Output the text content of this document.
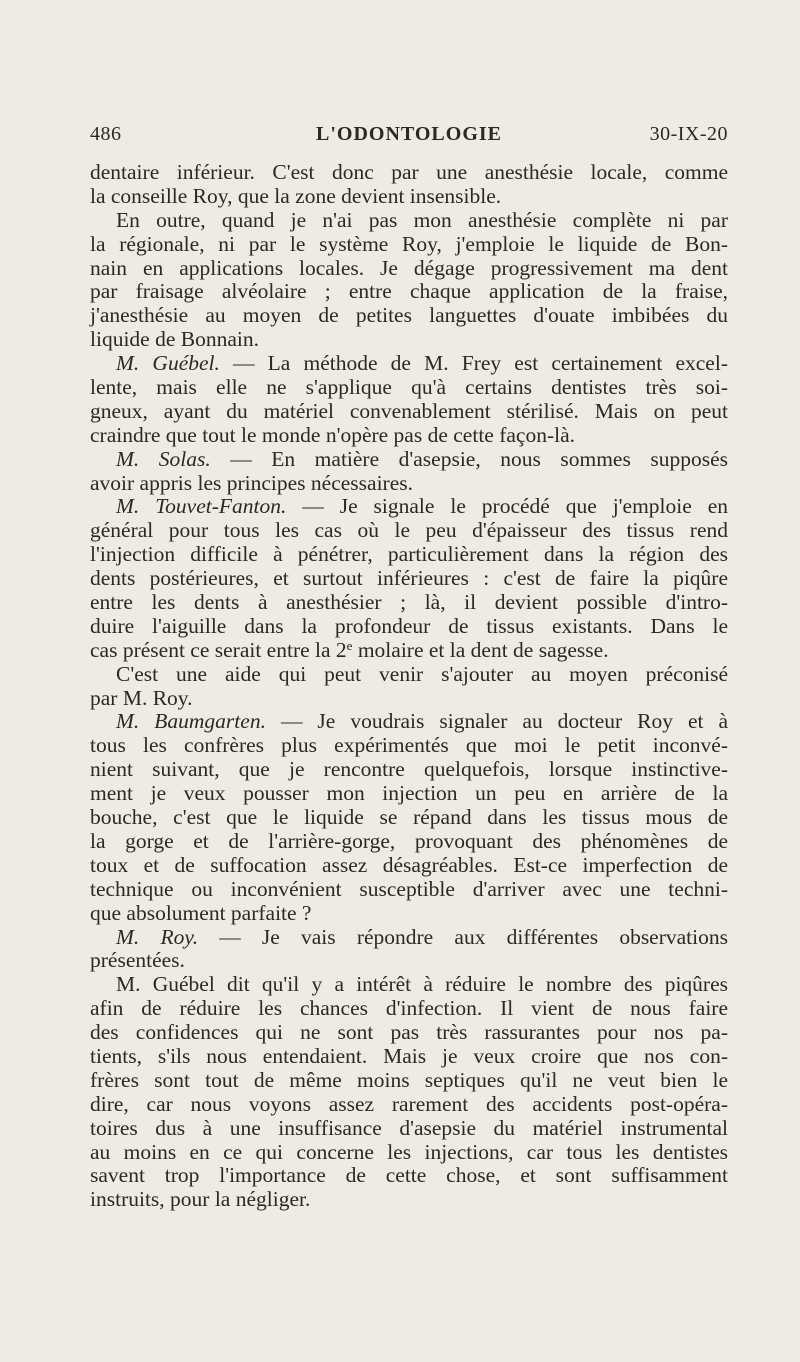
486	L'ODONTOLOGIE	30-IX-20
dentaire inférieur. C'est donc par une anesthésie locale, comme
la conseille Roy, que la zone devient insensible.
En outre, quand je n'ai pas mon anesthésie complète ni par
la régionale, ni par le système Roy, j'emploie le liquide de Bon-
nain en applications locales. Je dégage progressivement ma dent
par fraisage alvéolaire ; entre chaque application de la fraise,
j'anesthésie au moyen de petites languettes d'ouate imbibées du
liquide de Bonnain.
M. Guébel. — La méthode de M. Frey est certainement excel-
lente, mais elle ne s'applique qu'à certains dentistes très soi-
gneux, ayant du matériel convenablement stérilisé. Mais on peut
craindre que tout le monde n'opère pas de cette façon-là.
M. Solas. — En matière d'asepsie, nous sommes supposés
avoir appris les principes nécessaires.
M. Touvet-Fanton. — Je signale le procédé que j'emploie en
général pour tous les cas où le peu d'épaisseur des tissus rend
l'injection difficile à pénétrer, particulièrement dans la région des
dents postérieures, et surtout inférieures : c'est de faire la piqûre
entre les dents à anesthésier ; là, il devient possible d'intro-
duire l'aiguille dans la profondeur de tissus existants. Dans le
cas présent ce serait entre la 2e molaire et la dent de sagesse.
C'est une aide qui peut venir s'ajouter au moyen préconisé
par M. Roy.
M. Baumgarten. — Je voudrais signaler au docteur Roy et à
tous les confrères plus expérimentés que moi le petit inconvé-
nient suivant, que je rencontre quelquefois, lorsque instinctive-
ment je veux pousser mon injection un peu en arrière de la
bouche, c'est que le liquide se répand dans les tissus mous de
la gorge et de l'arrière-gorge, provoquant des phénomènes de
toux et de suffocation assez désagréables. Est-ce imperfection de
technique ou inconvénient susceptible d'arriver avec une techni-
que absolument parfaite ?
M. Roy. — Je vais répondre aux différentes observations
présentées.
M. Guébel dit qu'il y a intérêt à réduire le nombre des piqûres
afin de réduire les chances d'infection. Il vient de nous faire
des confidences qui ne sont pas très rassurantes pour nos pa-
tients, s'ils nous entendaient. Mais je veux croire que nos con-
frères sont tout de même moins septiques qu'il ne veut bien le
dire, car nous voyons assez rarement des accidents post-opéra-
toires dus à une insuffisance d'asepsie du matériel instrumental
au moins en ce qui concerne les injections, car tous les dentistes
savent trop l'importance de cette chose, et sont suffisamment
instruits, pour la négliger.
